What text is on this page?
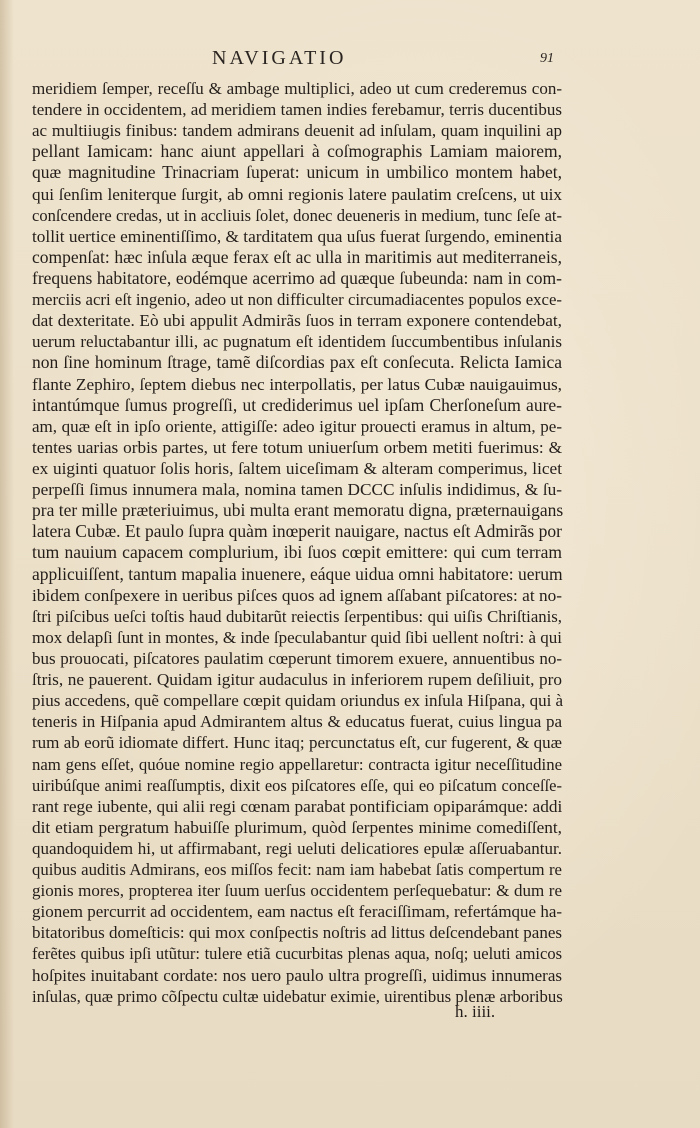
NAVIGATIO	91
meridiem ſemper, receſſu & ambage multiplici, adeo ut cum crederemus con-
tendere in occidentem, ad meridiem tamen indies ferebamur, terris ducentibus
ac multiiugis finibus: tandem admirans deuenit ad inſulam, quam inquilini ap
pellant Iamicam: hanc aiunt appellari à coſmographis Lamiam maiorem,
quæ magnitudine Trinacriam ſuperat: unicum in umbilico montem habet,
qui ſenſim leniterque ſurgit, ab omni regionis latere paulatim creſcens, ut uix
conſcendere credas, ut in accliuis ſolet, donec deueneris in medium, tunc ſeſe at-
tollit uertice eminentiſſimo, & tarditatem qua uſus fuerat ſurgendo, eminentia
compenſat: hæc inſula æque ferax eſt ac ulla in maritimis aut mediterraneis,
frequens habitatore, eodémque acerrimo ad quæque ſubeunda: nam in com-
merciis acri eſt ingenio, adeo ut non difficulter circumadiacentes populos exce-
dat dexteritate. Eò ubi appulit Admirãs ſuos in terram exponere contendebat,
uerum reluctabantur illi, ac pugnatum eſt identidem ſuccumbentibus inſulanis
non ſine hominum ſtrage, tamẽ diſcordias pax eſt conſecuta. Relicta Iamica
flante Zephiro, ſeptem diebus nec interpollatis, per latus Cubæ nauigauimus,
intantúmque ſumus progreſſi, ut crediderimus uel ipſam Cherſoneſum aure-
am, quæ eſt in ipſo oriente, attigiſſe: adeo igitur prouecti eramus in altum, pe-
tentes uarias orbis partes, ut fere totum uniuerſum orbem metiti fuerimus: &
ex uiginti quatuor ſolis horis, ſaltem uiceſimam & alteram comperimus, licet
perpeſſi ſimus innumera mala, nomina tamen DCCC inſulis indidimus, & ſu-
pra ter mille præteriuimus, ubi multa erant memoratu digna, præternauigans
latera Cubæ. Et paulo ſupra quàm inœperit nauigare, nactus eſt Admirãs por
tum nauium capacem complurium, ibi ſuos cœpit emittere: qui cum terram
applicuiſſent, tantum mapalia inuenere, eáque uidua omni habitatore: uerum
ibidem conſpexere in ueribus piſces quos ad ignem aſſabant piſcatores: at no-
ſtri piſcibus ueſci toſtis haud dubitarũt reiectis ſerpentibus: qui uiſis Chriſtianis,
mox delapſi ſunt in montes, & inde ſpeculabantur quid ſibi uellent noſtri: à qui
bus prouocati, piſcatores paulatim cœperunt timorem exuere, annuentibus no-
ſtris, ne pauerent. Quidam igitur audaculus in inferiorem rupem deſiliuit, pro
pius accedens, quẽ compellare cœpit quidam oriundus ex inſula Hiſpana, qui à
teneris in Hiſpania apud Admirantem altus & educatus fuerat, cuius lingua pa
rum ab eorũ idiomate differt. Hunc itaq; percunctatus eſt, cur fugerent, & quæ
nam gens eſſet, quóue nomine regio appellaretur: contracta igitur neceſſitudine
uiribúſque animi reaſſumptis, dixit eos piſcatores eſſe, qui eo piſcatum conceſſe-
rant rege iubente, qui alii regi cœnam parabat pontificiam opiparámque: addi
dit etiam pergratum habuiſſe plurimum, quòd ſerpentes minime comediſſent,
quandoquidem hi, ut affirmabant, regi ueluti delicatiores epulæ aſſeruabantur.
quibus auditis Admirans, eos miſſos fecit: nam iam habebat ſatis compertum re
gionis mores, propterea iter ſuum uerſus occidentem perſequebatur: & dum re
gionem percurrit ad occidentem, eam nactus eſt feraciſſimam, refertámque ha-
bitatoribus domeſticis: qui mox conſpectis noſtris ad littus deſcendebant panes
ferẽtes quibus ipſi utũtur: tulere etiã cucurbitas plenas aqua, noſq; ueluti amicos
hoſpites inuitabant cordate: nos uero paulo ultra progreſſi, uidimus innumeras
inſulas, quæ primo cõſpectu cultæ uidebatur eximie, uirentibus plenæ arboribus
h. iiii.
